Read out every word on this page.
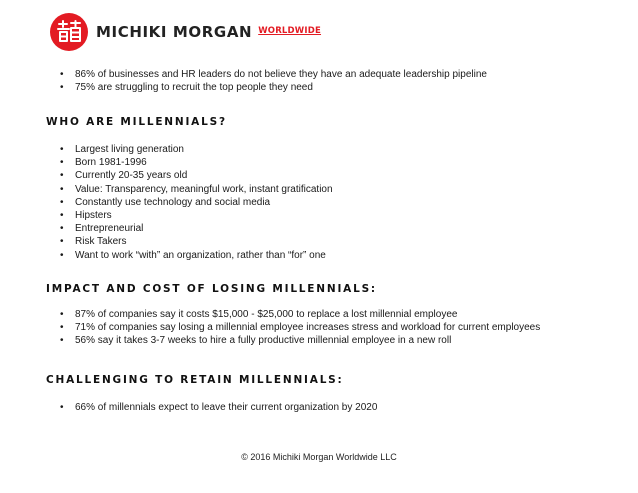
MICHIKI MORGAN WORLDWIDE
• 86% of businesses and HR leaders do not believe they have an adequate leadership pipeline
• 75% are struggling to recruit the top people they need
WHO ARE MILLENNIALS?
• Largest living generation
• Born 1981-1996
• Currently 20-35 years old
• Value: Transparency, meaningful work, instant gratification
• Constantly use technology and social media
• Hipsters
• Entrepreneurial
• Risk Takers
• Want to work “with” an organization, rather than “for” one
IMPACT AND COST OF LOSING MILLENNIALS:
• 87% of companies say it costs $15,000 - $25,000 to replace a lost millennial employee
• 71% of companies say losing a millennial employee increases stress and workload for current employees
• 56% say it takes 3-7 weeks to hire a fully productive millennial employee in a new roll
CHALLENGING TO RETAIN MILLENNIALS:
• 66% of millennials expect to leave their current organization by 2020
© 2016 Michiki Morgan Worldwide LLC
